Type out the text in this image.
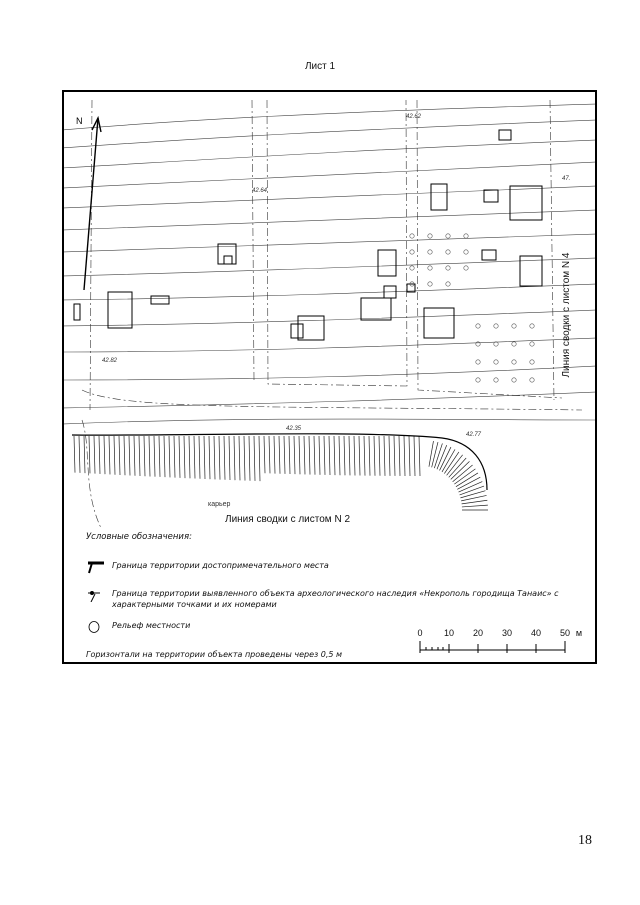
Лист 1
N	42.62
42.64
42.82
42.35
42.77
47.
карьер
Линия сводки с листом N 4
Линия сводки с листом N 2
Условные обозначения:
Граница территории достопримечательного места
Граница территории выявленного объекта археологического наследия «Некрополь городища Танаис» с характерными точками и их номерами
Рельеф местности
Горизонтали на территории объекта проведены через 0,5 м
0 10 20 30 40 50 м
18
